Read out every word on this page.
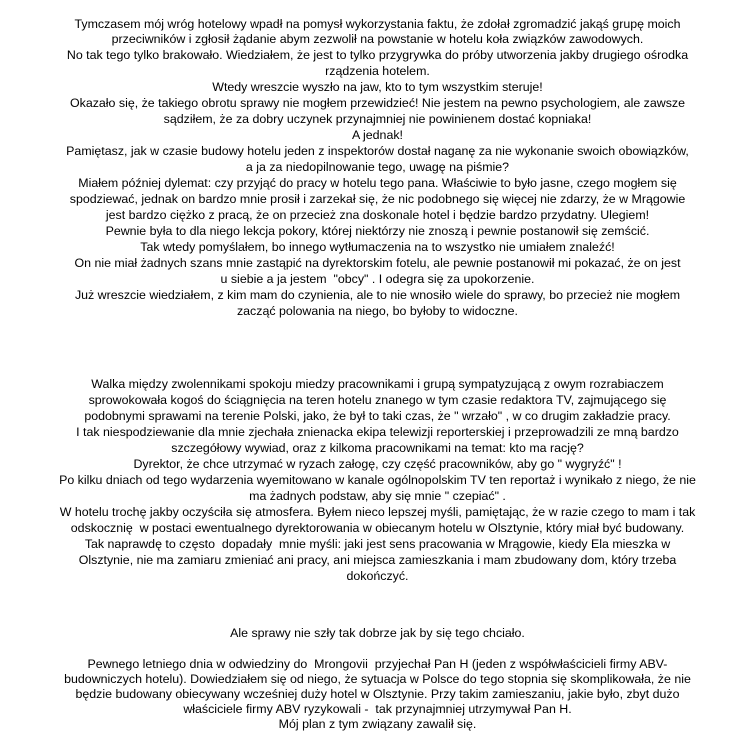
Tymczasem mój wróg hotelowy wpadł na pomysł wykorzystania faktu, że zdołał zgromadzić jakąś grupę moich
przeciwników i zgłosił żądanie abym zezwolił na powstanie w hotelu koła związków zawodowych.
No tak tego tylko brakowało. Wiedziałem, że jest to tylko przygrywka do próby utworzenia jakby drugiego ośrodka
rządzenia hotelem.
Wtedy wreszcie wyszło na jaw, kto to tym wszystkim steruje!
Okazało się, że takiego obrotu sprawy nie mogłem przewidzieć! Nie jestem na pewno psychologiem, ale zawsze
sądziłem, że za dobry uczynek przynajmniej nie powinienem dostać kopniaka!
A jednak!
Pamiętasz, jak w czasie budowy hotelu jeden z inspektorów dostał naganę za nie wykonanie swoich obowiązków,
a ja za niedopilnowanie tego, uwagę na piśmie?
Miałem później dylemat: czy przyjąć do pracy w hotelu tego pana. Właściwie to było jasne, czego mogłem się
spodziewać, jednak on bardzo mnie prosił i zarzekał się, że nic podobnego się więcej nie zdarzy, że w Mrągowie
jest bardzo ciężko z pracą, że on przecież zna doskonale hotel i będzie bardzo przydatny. Ulegiem!
Pewnie była to dla niego lekcja pokory, której niektórzy nie znoszą i pewnie postanowił się zemścić.
Tak wtedy pomyślałem, bo innego wytłumaczenia na to wszystko nie umiałem znaleźć!
On nie miał żadnych szans mnie zastąpić na dyrektorskim fotelu, ale pewnie postanowił mi pokazać, że on jest
u siebie a ja jestem  "obcy" . I odegra się za upokorzenie.
Już wreszcie wiedziałem, z kim mam do czynienia, ale to nie wnosiło wiele do sprawy, bo przecież nie mogłem
zacząć polowania na niego, bo byłoby to widoczne.
Walka między zwolennikami spokoju miedzy pracownikami i grupą sympatyzującą z owym rozrabiaczem
sprowokowała kogoś do ściągnięcia na teren hotelu znanego w tym czasie redaktora TV, zajmującego się
podobnymi sprawami na terenie Polski, jako, że był to taki czas, że " wrzało" , w co drugim zakładzie pracy.
I tak niespodziewanie dla mnie zjechała znienacka ekipa telewizji reporterskiej i przeprowadzili ze mną bardzo
szczegółowy wywiad, oraz z kilkoma pracownikami na temat: kto ma rację?
Dyrektor, że chce utrzymać w ryzach załogę, czy część pracowników, aby go " wygryźć" !
Po kilku dniach od tego wydarzenia wyemitowano w kanale ogólnopolskim TV ten reportaż i wynikało z niego, że nie
ma żadnych podstaw, aby się mnie " czepiać" .
W hotelu trochę jakby oczyściła się atmosfera. Byłem nieco lepszej myśli, pamiętając, że w razie czego to mam i tak
odskocznię  w postaci ewentualnego dyrektorowania w obiecanym hotelu w Olsztynie, który miał być budowany.
Tak naprawdę to często  dopadały  mnie myśli: jaki jest sens pracowania w Mrągowie, kiedy Ela mieszka w
Olsztynie, nie ma zamiaru zmieniać ani pracy, ani miejsca zamieszkania i mam zbudowany dom, który trzeba
dokończyć.
Ale sprawy nie szły tak dobrze jak by się tego chciało.
Pewnego letniego dnia w odwiedziny do  Mrongovii  przyjechał Pan H (jeden z współwłaścicieli firmy ABV-
budowniczych hotelu). Dowiedziałem się od niego, że sytuacja w Polsce do tego stopnia się skomplikowała, że nie
będzie budowany obiecywany wcześniej duży hotel w Olsztynie. Przy takim zamieszaniu, jakie było, zbyt dużo
właściciele firmy ABV ryzykowali -  tak przynajmniej utrzymywał Pan H.
Mój plan z tym związany zawalił się.
